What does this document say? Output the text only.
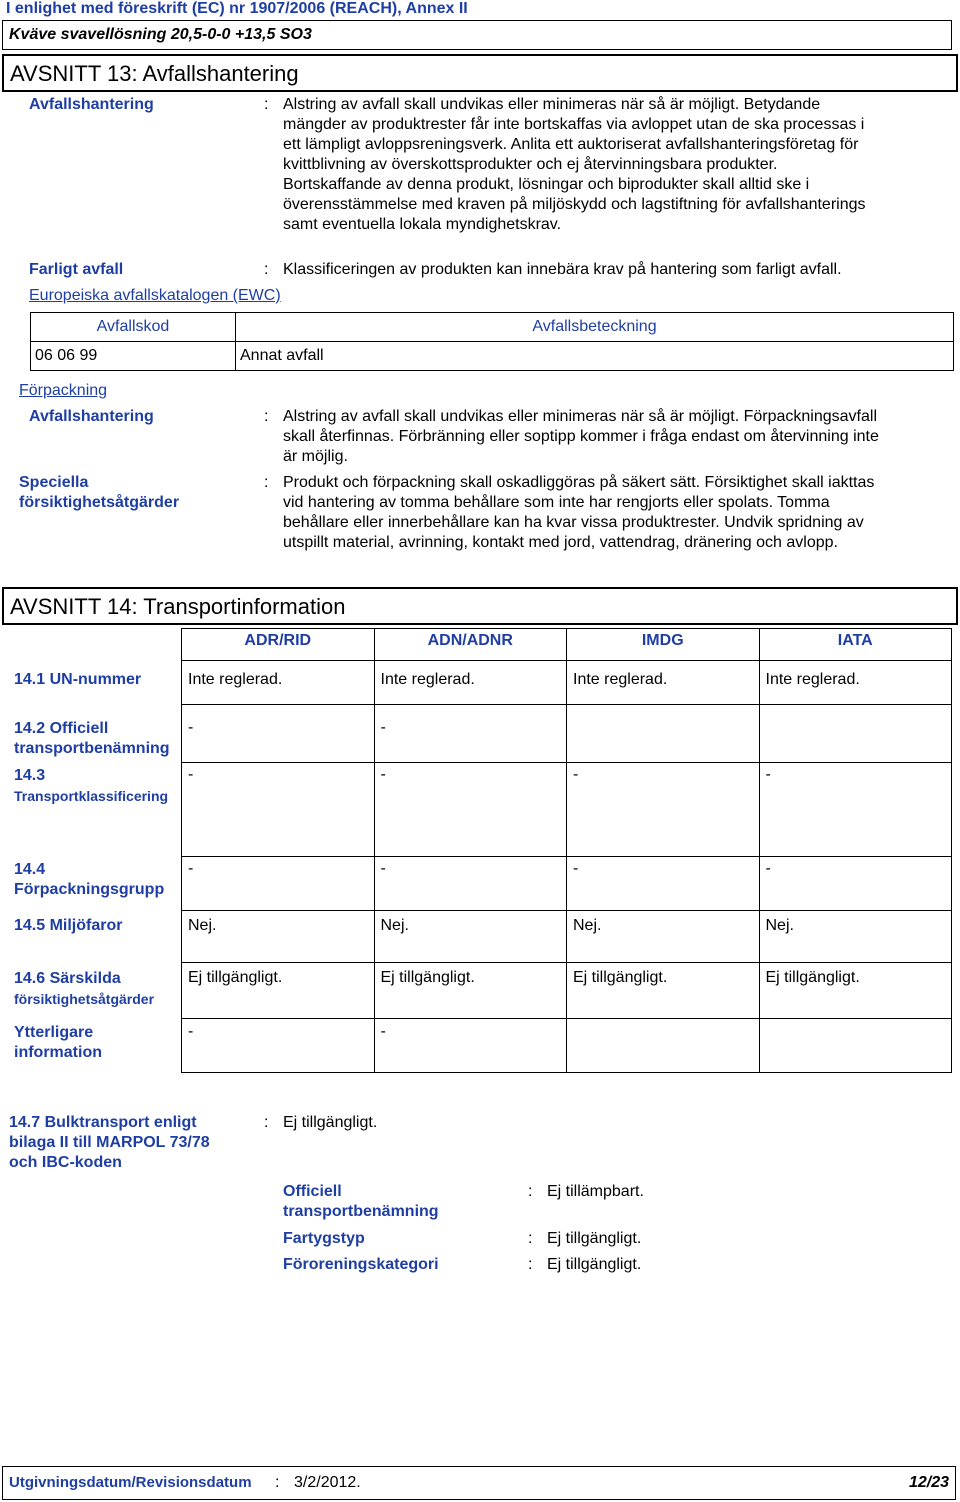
I enlighet med föreskrift (EC) nr 1907/2006 (REACH), Annex II
Kväve svavellösning 20,5-0-0 +13,5 SO3
AVSNITT 13: Avfallshantering
Avfallshantering	: Alstring av avfall skall undvikas eller minimeras när så är möjligt. Betydande
mängder av produktrester får inte bortskaffas via avloppet utan de ska processas i
ett lämpligt avloppsreningsverk. Anlita ett auktoriserat avfallshanteringsföretag för
kvittblivning av överskottsprodukter och ej återvinningsbara produkter.
Bortskaffande av denna produkt, lösningar och biprodukter skall alltid ske i
överensstämmelse med kraven på miljöskydd och lagstiftning för avfallshanterings
samt eventuella lokala myndighetskrav.
Farligt avfall	: Klassificeringen av produkten kan innebära krav på hantering som farligt avfall.
Europeiska avfallskatalogen (EWC)
Avfallskod	Avfallsbeteckning
06 06 99	Annat avfall
Förpackning
Avfallshantering	: Alstring av avfall skall undvikas eller minimeras när så är möjligt. Förpackningsavfall
skall återfinnas. Förbränning eller soptipp kommer i fråga endast om återvinning inte
är möjlig.
Speciella
försiktighetsåtgärder
: Produkt och förpackning skall oskadliggöras på säkert sätt. Försiktighet skall iakttas
vid hantering av tomma behållare som inte har rengjorts eller spolats. Tomma
behållare eller innerbehållare kan ha kvar vissa produktrester. Undvik spridning av
utspillt material, avrinning, kontakt med jord, vattendrag, dränering och avlopp.
AVSNITT 14: Transportinformation
	ADR/RID	ADN/ADNR	IMDG	IATA
14.1 UN-nummer	Inte reglerad.	Inte reglerad.	Inte reglerad.	Inte reglerad.

14.2 Officiell
transportbenämning	-	-		

14.3
Transportklassificering	-	-	-	-

14.4
Förpackningsgrupp	-	-	-	-
14.5 Miljöfaror	Nej.	Nej.	Nej.	Nej.

14.6 Särskilda
försiktighetsåtgärder	Ej tillgängligt.	Ej tillgängligt.	Ej tillgängligt.	Ej tillgängligt.

Ytterligare
information	-	-		
14.7 Bulktransport enligt
bilaga II till MARPOL 73/78
och IBC-koden
: Ej tillgängligt.
Officiell
transportbenämning
: Ej tillämpbart.
Fartygstyp	: Ej tillgängligt.
Föroreningskategori	: Ej tillgängligt.
Utgivningsdatum/Revisionsdatum : 3/2/2012.	12/23
